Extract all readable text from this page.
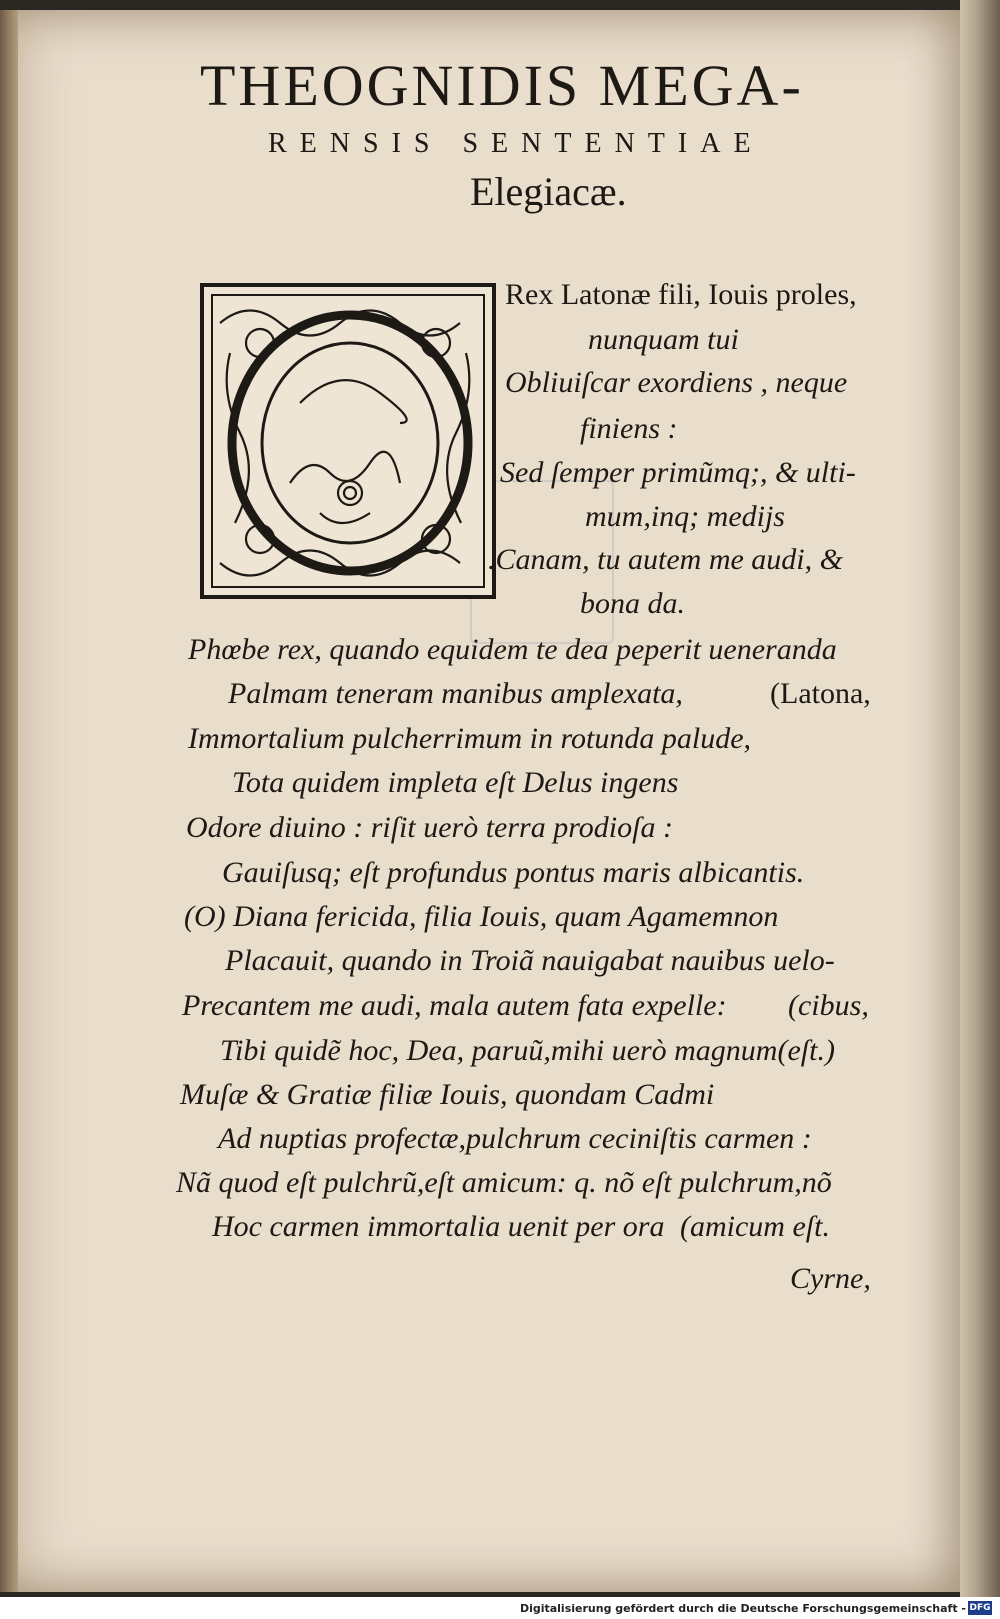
THEOGNIDIS MEGA-
RENSIS SENTENTIAE
Elegiacæ.
Rex Latonæ fili, Iouis proles,
nunquam tui
Obliuiſcar exordiens , neque
finiens :
Sed ſemper primũmq;, & ulti-
mum,inq; medijs
.Canam, tu autem me audi, &
bona da.
Phœbe rex, quando equidem te dea peperit ueneranda
Palmam teneram manibus amplexata,	(Latona,
Immortalium pulcherrimum in rotunda palude,
Tota quidem impleta eſt Delus ingens
Odore diuino : riſit uerò terra prodioſa :
Gauiſusq; eſt profundus pontus maris albicantis.
(O) Diana fericida, filia Iouis, quam Agamemnon
Placauit, quando in Troiã nauigabat nauibus uelo-
Precantem me audi, mala autem fata expelle: (cibus,
Tibi quidẽ hoc, Dea, paruũ,mihi uerò magnum(eſt.)
Muſæ & Gratiæ filiæ Iouis, quondam Cadmi
Ad nuptias profectæ,pulchrum ceciniſtis carmen :
Nã quod eſt pulchrũ,eſt amicum: q. nõ eſt pulchrum,nõ
Hoc carmen immortalia uenit per ora (amicum eſt.
Cyrne,
Digitalisierung gefördert durch die Deutsche Forschungsgemeinschaft - DFG
